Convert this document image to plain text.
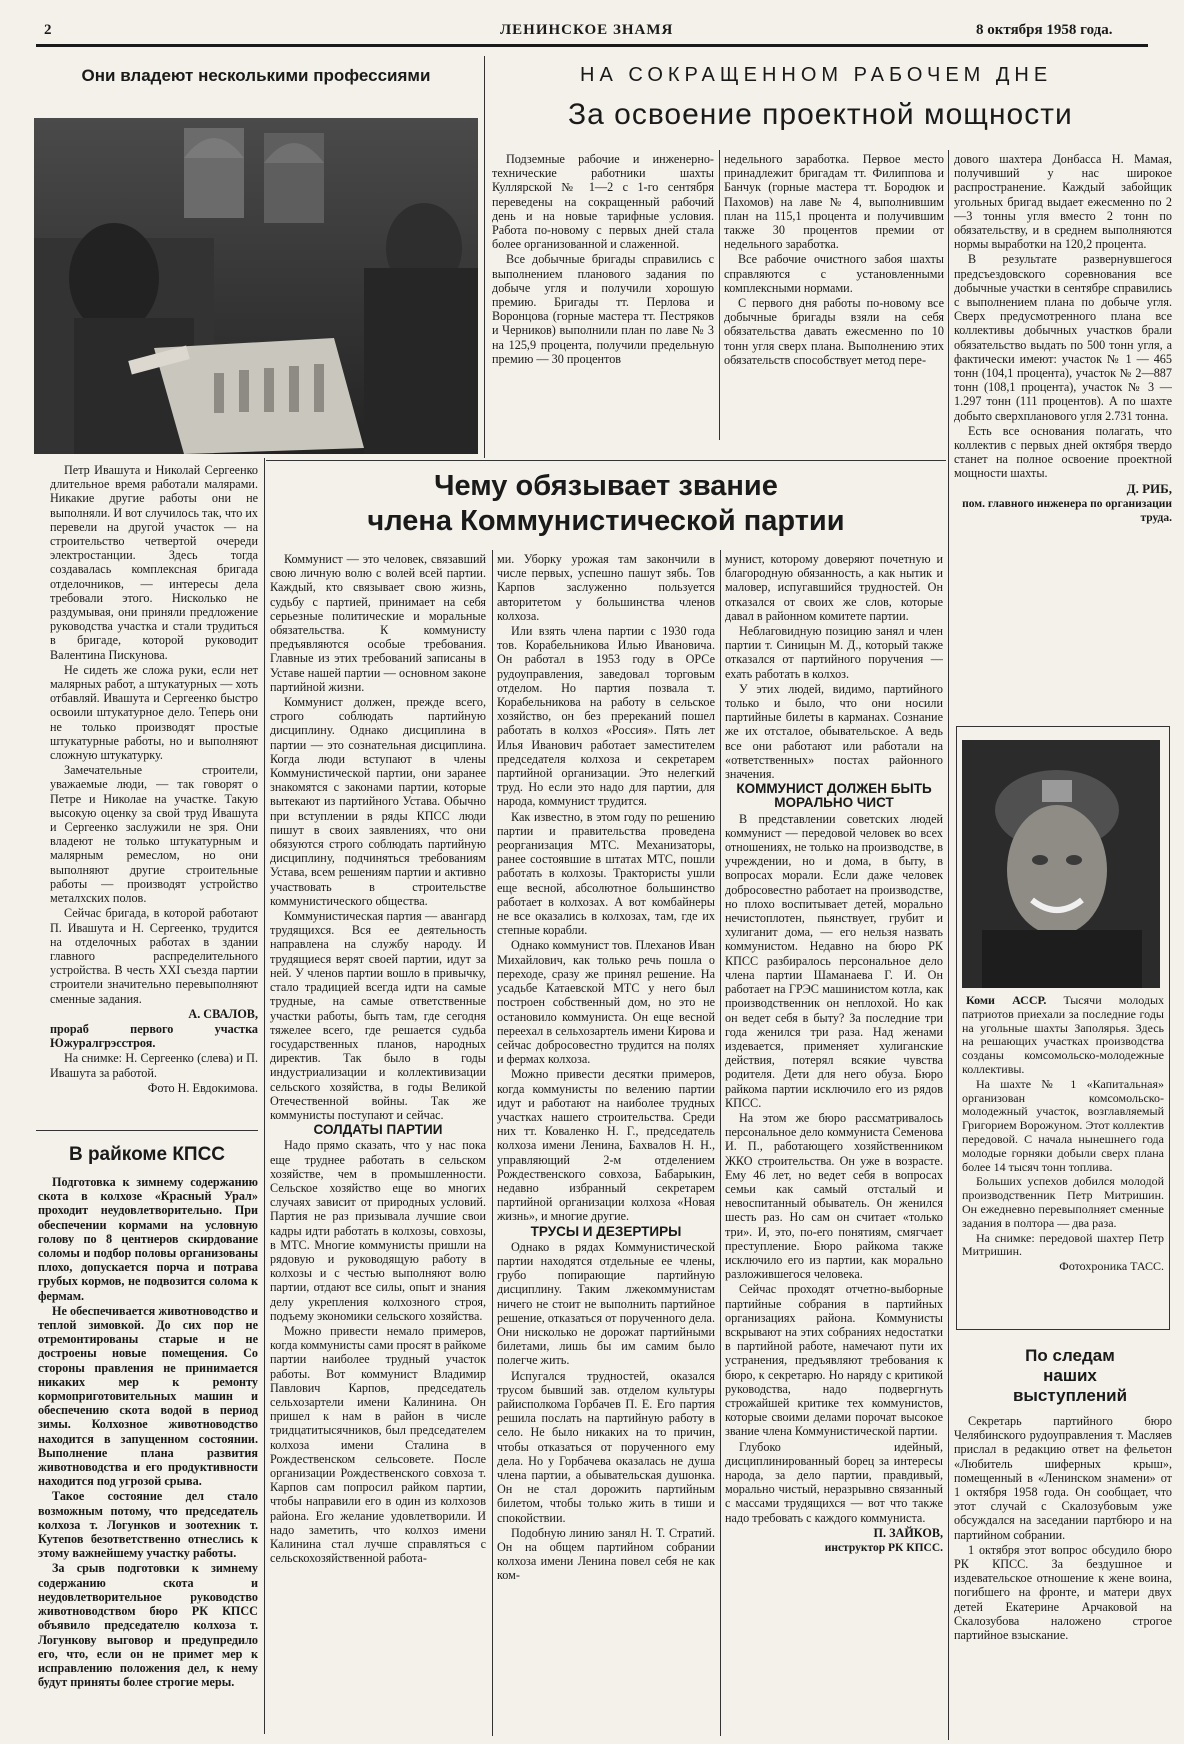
2	ЛЕНИНСКОЕ ЗНАМЯ	8 октября 1958 года.
Они владеют несколькими профессиями

Петр Ивашута и Николай Сергеенко длительное время работали малярами. Никакие другие работы они не выполняли. И вот случилось так, что их перевели на другой участок — на строительство четвертой очереди электростанции. Здесь тогда создавалась комплексная бригада отделочников, — интересы дела требовали этого. Нисколько не раздумывая, они приняли предложение руководства участка и стали трудиться в бригаде, которой руководит Валентина Пискунова.

Не сидеть же сложа руки, если нет малярных работ, а штукатурных — хоть отбавляй. Ивашута и Сергеенко быстро освоили штукатурное дело. Теперь они не только производят простые штукатурные работы, но и выполняют сложную штукатурку.

Замечательные строители, уважаемые люди, — так говорят о Петре и Николае на участке. Такую высокую оценку за свой труд Ивашута и Сергеенко заслужили не зря. Они владеют не только штукатурным и малярным ремеслом, но они выполняют другие строительные работы — производят устройство металхских полов.

Сейчас бригада, в которой работают П. Ивашута и Н. Сергеенко, трудится на отделочных работах в здании главного распределительного устройства. В честь XXI съезда партии строители значительно перевыполняют сменные задания.

А. СВАЛОВ,

прораб первого участка Южуралгрэсстроя.

На снимке: Н. Сергеенко (слева) и П. Ивашута за работой.

Фото Н. Евдокимова.

В райкоме КПСС

Подготовка к зимнему содержанию скота в колхозе «Красный Урал» проходит неудовлетворительно. При обеспечении кормами на условную голову по 8 центнеров скирдование соломы и подбор половы организованы плохо, допускается порча и потрава грубых кормов, не подвозится солома к фермам.

Не обеспечивается животноводство и теплой зимовкой. До сих пор не отремонтированы старые и не достроены новые помещения. Со стороны правления не принимается никаких мер к ремонту кормоприготовительных машин и обеспечению скота водой в период зимы. Колхозное животноводство находится в запущенном состоянии. Выполнение плана развития животноводства и его продуктивности находится под угрозой срыва.

Такое состояние дел стало возможным потому, что председатель колхоза т. Логунков и зоотехник т. Кутепов безответственно отнеслись к этому важнейшему участку работы.

За срыв подготовки к зимнему содержанию скота и неудовлетворительное руководство животноводством бюро РК КПСС объявило председателю колхоза т. Логункову выговор и предупредило его, что, если он не примет мер к исправлению положения дел, к нему будут приняты более строгие меры.

НА СОКРАЩЕННОМ РАБОЧЕМ ДНЕ
За освоение проектной мощности

Подземные рабочие и инженерно-технические работники шахты Куллярской № 1—2 с 1-го сентября переведены на сокращенный рабочий день и на новые тарифные условия. Работа по-новому с первых дней стала более организованной и слаженной.

Все добычные бригады справились с выполнением планового задания по добыче угля и получили хорошую премию. Бригады тт. Перлова и Воронцова (горные мастера тт. Пестряков и Черников) выполнили план по лаве № 3 на 125,9 процента, получили предельную премию — 30 процентов

недельного заработка. Первое место принадлежит бригадам тт. Филиппова и Банчук (горные мастера тт. Бородюк и Пахомов) на лаве № 4, выполнившим план на 115,1 процента и получившим также 30 процентов премии от недельного заработка.

Все рабочие очистного забоя шахты справляются с установленными комплексными нормами.

С первого дня работы по-новому все добычные бригады взяли на себя обязательства давать ежесменно по 10 тонн угля сверх плана. Выполнению этих обязательств способствует метод пере-

дового шахтера Донбасса Н. Мамая, получивший у нас широкое распространение. Каждый забойщик угольных бригад выдает ежесменно по 2—3 тонны угля вместо 2 тонн по обязательству, и в среднем выполняются нормы выработки на 120,2 процента.

В результате развернувшегося предсъездовского соревнования все добычные участки в сентябре справились с выполнением плана по добыче угля. Сверх предусмотренного плана все коллективы добычных участков брали обязательство выдать по 500 тонн угля, а фактически имеют: участок № 1 — 465 тонн (104,1 процента), участок № 2—887 тонн (108,1 процента), участок № 3 — 1.297 тонн (111 процентов). А по шахте добыто сверхпланового угля 2.731 тонна.

Есть все основания полагать, что коллектив с первых дней октября твердо станет на полное освоение проектной мощности шахты.

Д. РИБ,

пом. главного инженера по организации труда.

Чему обязывает звание
члена Коммунистической партии

Коммунист — это человек, связавший свою личную волю с волей всей партии. Каждый, кто связывает свою жизнь, судьбу с партией, принимает на себя серьезные политические и моральные обязательства. К коммунисту предъявляются особые требования. Главные из этих требований записаны в Уставе нашей партии — основном законе партийной жизни.

Коммунист должен, прежде всего, строго соблюдать партийную дисциплину. Однако дисциплина в партии — это сознательная дисциплина. Когда люди вступают в члены Коммунистической партии, они заранее знакомятся с законами партии, которые вытекают из партийного Устава. Обычно при вступлении в ряды КПСС люди пишут в своих заявлениях, что они обязуются строго соблюдать партийную дисциплину, подчиняться требованиям Устава, всем решениям партии и активно участвовать в строительстве коммунистического общества.

Коммунистическая партия — авангард трудящихся. Вся ее деятельность направлена на службу народу. И трудящиеся верят своей партии, идут за ней. У членов партии вошло в привычку, стало традицией всегда идти на самые трудные, на самые ответственные участки работы, быть там, где сегодня тяжелее всего, где решается судьба государственных планов, народных директив. Так было в годы индустриализации и коллективизации сельского хозяйства, в годы Великой Отечественной войны. Так же коммунисты поступают и сейчас.

СОЛДАТЫ ПАРТИИ

Надо прямо сказать, что у нас пока еще труднее работать в сельском хозяйстве, чем в промышленности. Сельское хозяйство еще во многих случаях зависит от природных условий. Партия не раз призывала лучшие свои кадры идти работать в колхозы, совхозы, в МТС. Многие коммунисты пришли на рядовую и руководящую работу в колхозы и с честью выполняют волю партии, отдают все силы, опыт и знания делу укрепления колхозного строя, подъему экономики сельского хозяйства.

Можно привести немало примеров, когда коммунисты сами просят в райкоме партии наиболее трудный участок работы. Вот коммунист Владимир Павлович Карпов, председатель сельхозартели имени Калинина. Он пришел к нам в район в числе тридцатитысячников, был председателем колхоза имени Сталина в Рождественском сельсовете. После организации Рождественского совхоза т. Карпов сам попросил райком партии, чтобы направили его в один из колхозов района. Его желание удовлетворили. И надо заметить, что колхоз имени Калинина стал лучше справляться с сельскохозяйственной работа-

ми. Уборку урожая там закончили в числе первых, успешно пашут зябь. Тов Карпов заслуженно пользуется авторитетом у большинства членов колхоза.

Или взять члена партии с 1930 года тов. Корабельникова Илью Ивановича. Он работал в 1953 году в ОРСе рудоуправления, заведовал торговым отделом. Но партия позвала т. Корабельникова на работу в сельское хозяйство, он без пререканий пошел работать в колхоз «Россия». Пять лет Илья Иванович работает заместителем председателя колхоза и секретарем партийной организации. Это нелегкий труд. Но если это надо для партии, для народа, коммунист трудится.

Как известно, в этом году по решению партии и правительства проведена реорганизация МТС. Механизаторы, ранее состоявшие в штатах МТС, пошли работать в колхозы. Трактористы ушли еще весной, абсолютное большинство работает в колхозах. А вот комбайнеры не все оказались в колхозах, там, где их степные корабли.

Однако коммунист тов. Плеханов Иван Михайлович, как только речь пошла о переходе, сразу же принял решение. На усадьбе Катаевской МТС у него был построен собственный дом, но это не остановило коммуниста. Он еще весной переехал в сельхозартель имени Кирова и сейчас добросовестно трудится на полях и фермах колхоза.

Можно привести десятки примеров, когда коммунисты по велению партии идут и работают на наиболее трудных участках нашего строительства. Среди них тт. Коваленко Н. Г., председатель колхоза имени Ленина, Бахвалов Н. Н., управляющий 2-м отделением Рождественского совхоза, Бабарыкин, недавно избранный секретарем партийной организации колхоза «Новая жизнь», и многие другие.

ТРУСЫ И ДЕЗЕРТИРЫ

Однако в рядах Коммунистической партии находятся отдельные ее члены, грубо попирающие партийную дисциплину. Таким лжекоммунистам ничего не стоит не выполнить партийное решение, отказаться от порученного дела. Они нисколько не дорожат партийными билетами, лишь бы им самим было полегче жить.

Испугался трудностей, оказался трусом бывший зав. отделом культуры райисполкома Горбачев П. Е. Его партия решила послать на партийную работу в село. Не было никаких на то причин, чтобы отказаться от порученного ему дела. Но у Горбачева оказалась не душа члена партии, а обывательская душонка. Он не стал дорожить партийным билетом, чтобы только жить в тиши и спокойствии.

Подобную линию занял Н. Т. Стратий. Он на общем партийном собрании колхоза имени Ленина повел себя не как ком-

мунист, которому доверяют почетную и благородную обязанность, а как нытик и маловер, испугавшийся трудностей. Он отказался от своих же слов, которые давал в районном комитете партии.

Неблаговидную позицию занял и член партии т. Синицын М. Д., который также отказался от партийного поручения — ехать работать в колхоз.

У этих людей, видимо, партийного только и было, что они носили партийные билеты в карманах. Сознание же их отсталое, обывательское. А ведь все они работают или работали на «ответственных» постах районного значения.

КОММУНИСТ ДОЛЖЕН БЫТЬ МОРАЛЬНО ЧИСТ

В представлении советских людей коммунист — передовой человек во всех отношениях, не только на производстве, в учреждении, но и дома, в быту, в вопросах морали. Если даже человек добросовестно работает на производстве, но плохо воспитывает детей, морально нечистоплотен, пьянствует, грубит и хулиганит дома, — его нельзя назвать коммунистом. Недавно на бюро РК КПСС разбиралось персональное дело члена партии Шаманаева Г. И. Он работает на ГРЭС машинистом котла, как производственник он неплохой. Но как он ведет себя в быту? За последние три года женился три раза. Над женами издевается, применяет хулиганские действия, потерял всякие чувства родителя. Дети для него обуза. Бюро райкома партии исключило его из рядов КПСС.

На этом же бюро рассматривалось персональное дело коммуниста Семенова И. П., работающего хозяйственником ЖКО строительства. Он уже в возрасте. Ему 46 лет, но ведет себя в вопросах семьи как самый отсталый и невоспитанный обыватель. Он женился шесть раз. Но сам он считает «только три». И, это, по-его понятиям, смягчает преступление. Бюро райкома также исключило его из партии, как морально разложившегося человека.

Сейчас проходят отчетно-выборные партийные собрания в партийных организациях района. Коммунисты вскрывают на этих собраниях недостатки в партийной работе, намечают пути их устранения, предъявляют требования к бюро, к секретарю. Но наряду с критикой руководства, надо подвергнуть строжайшей критике тех коммунистов, которые своими делами порочат высокое звание члена Коммунистической партии.

Глубоко идейный, дисциплинированный борец за интересы народа, за дело партии, правдивый, морально чистый, неразрывно связанный с массами трудящихся — вот что также надо требовать с каждого коммуниста.

П. ЗАЙКОВ,

инструктор РК КПСС.

Коми АССР. Тысячи молодых патриотов приехали за последние годы на угольные шахты Заполярья. Здесь на решающих участках производства созданы комсомольско-молодежные коллективы.

На шахте № 1 «Капитальная» организован комсомольско-молодежный участок, возглавляемый Григорием Ворожуном. Этот коллектив передовой. С начала нынешнего года молодые горняки добыли сверх плана более 14 тысяч тонн топлива.

Больших успехов добился молодой производственник Петр Митришин. Он ежедневно перевыполняет сменные задания в полтора — два раза.

На снимке: передовой шахтер Петр Митришин.

Фотохроника ТАСС.

По следам
наших
выступлений

Секретарь партийного бюро Челябинского рудоуправления т. Масляев прислал в редакцию ответ на фельетон «Любитель шиферных крыш», помещенный в «Ленинском знамени» от 1 октября 1958 года. Он сообщает, что этот случай с Скалозубовым уже обсуждался на заседании партбюро и на партийном собрании.

1 октября этот вопрос обсудило бюро РК КПСС. За бездушное и издевательское отношение к жене воина, погибшего на фронте, и матери двух детей Екатерине Арчаковой на Скалозубова наложено строгое партийное взыскание.
